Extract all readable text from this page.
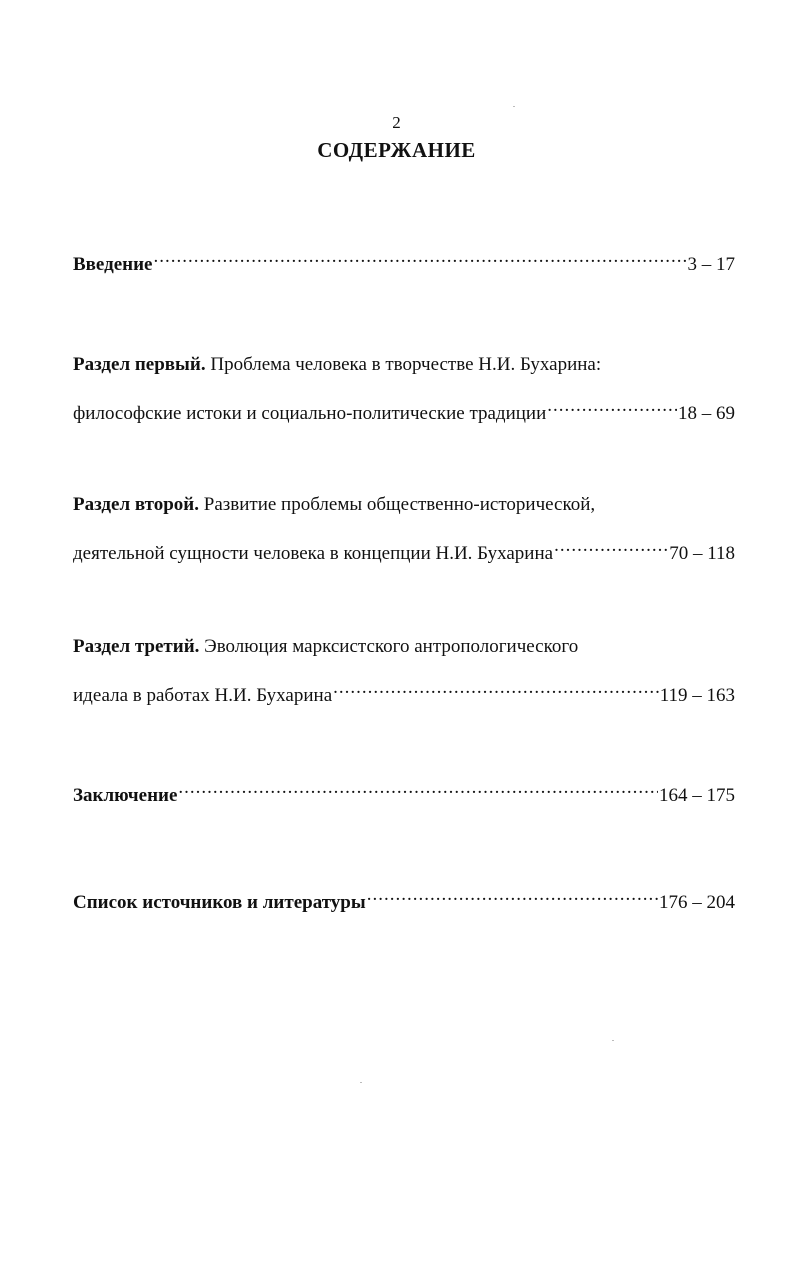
2
СОДЕРЖАНИЕ
Введение .....	3 – 17
Раздел первый. Проблема человека в творчестве Н.И. Бухарина:
философские истоки и социально-политические традиции .....	18 – 69
Раздел второй. Развитие проблемы общественно-исторической,
деятельной сущности человека в концепции Н.И. Бухарина .....	70 – 118
Раздел третий. Эволюция марксистского антропологического
идеала в работах Н.И. Бухарина .....	119 – 163
Заключение .....	164 – 175
Список источников и литературы .....	176 – 204
